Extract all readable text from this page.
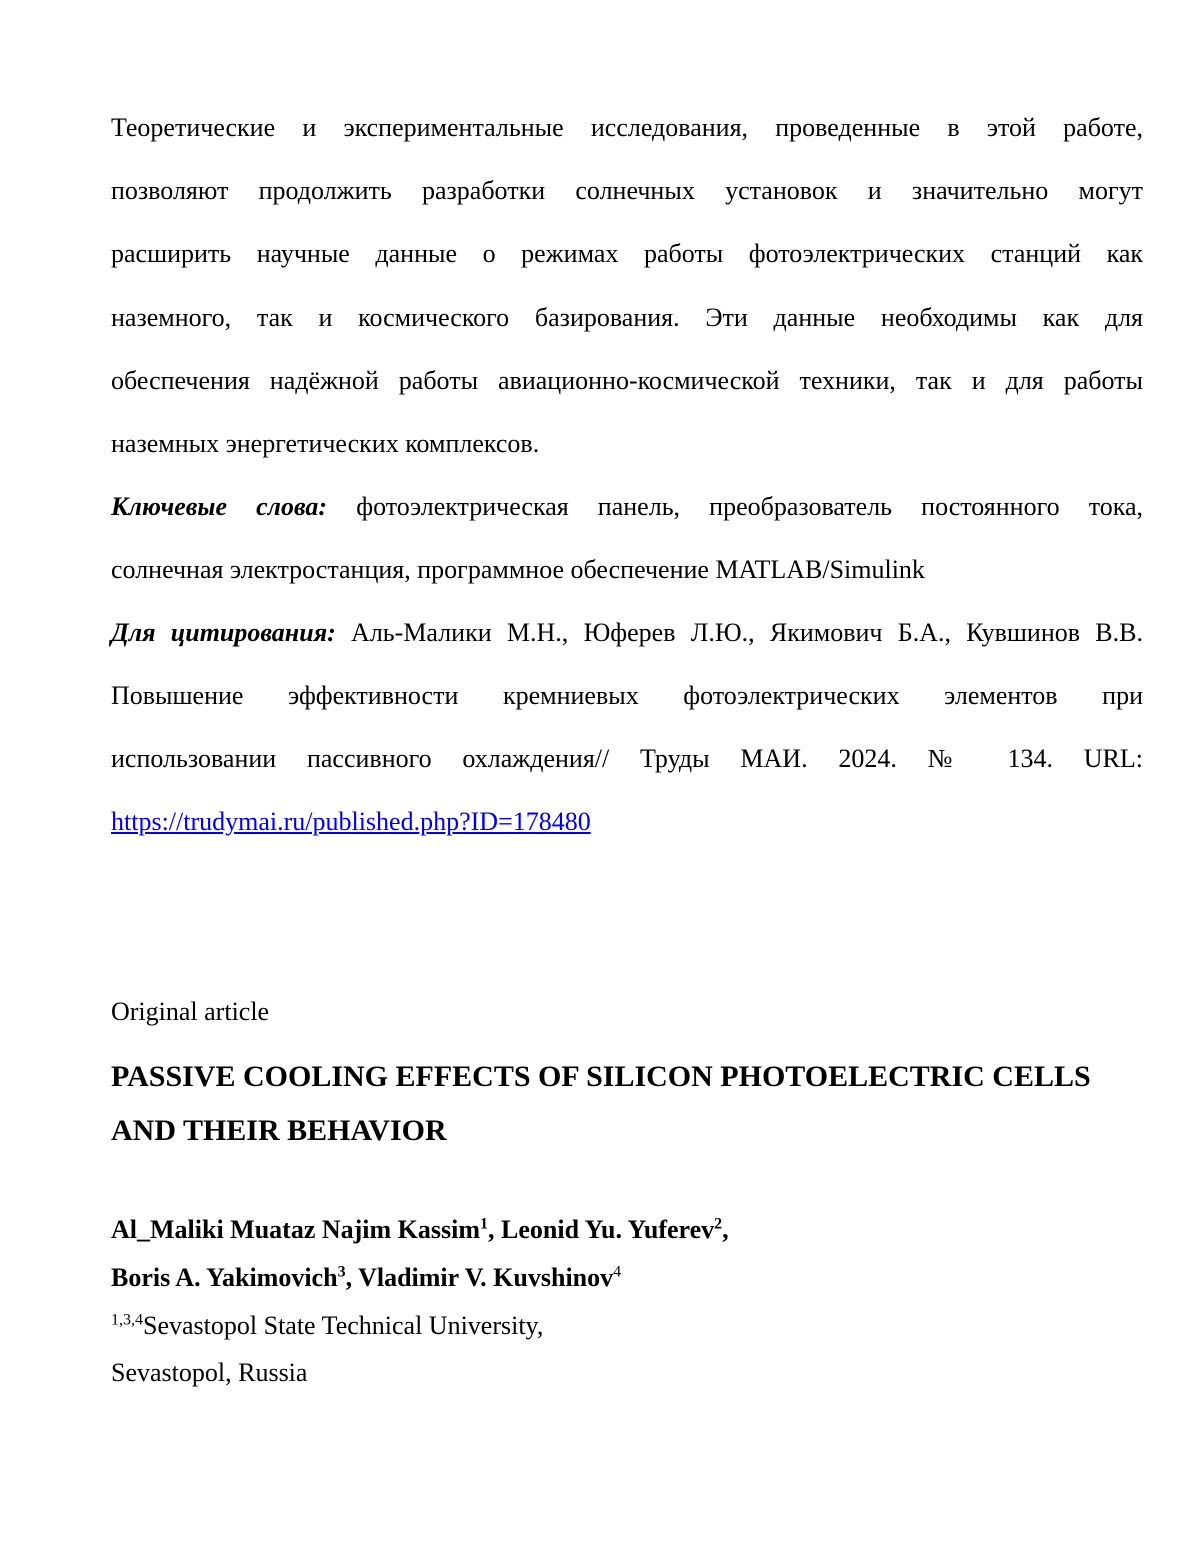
Теоретические и экспериментальные исследования, проведенные в этой работе,
позволяют продолжить разработки солнечных установок и значительно могут
расширить научные данные о режимах работы фотоэлектрических станций как
наземного, так и космического базирования. Эти данные необходимы как для
обеспечения надёжной работы авиационно-космической техники, так и для работы
наземных энергетических комплексов.
Ключевые слова: фотоэлектрическая панель, преобразователь постоянного тока,
солнечная электростанция, программное обеспечение MATLAB/Simulink
Для цитирования: Аль-Малики М.Н., Юферев Л.Ю., Якимович Б.А., Кувшинов В.В.
Повышение эффективности кремниевых фотоэлектрических элементов при
использовании пассивного охлаждения// Труды МАИ. 2024. № 134. URL:
https://trudymai.ru/published.php?ID=178480
Original article
PASSIVE COOLING EFFECTS OF SILICON PHOTOELECTRIC CELLS
AND THEIR BEHAVIOR
Al_Maliki Muataz Najim Kassim1, Leonid Yu. Yuferev2,
Boris A. Yakimovich3, Vladimir V. Kuvshinov4
1,3,4Sevastopol State Technical University,
Sevastopol, Russia
